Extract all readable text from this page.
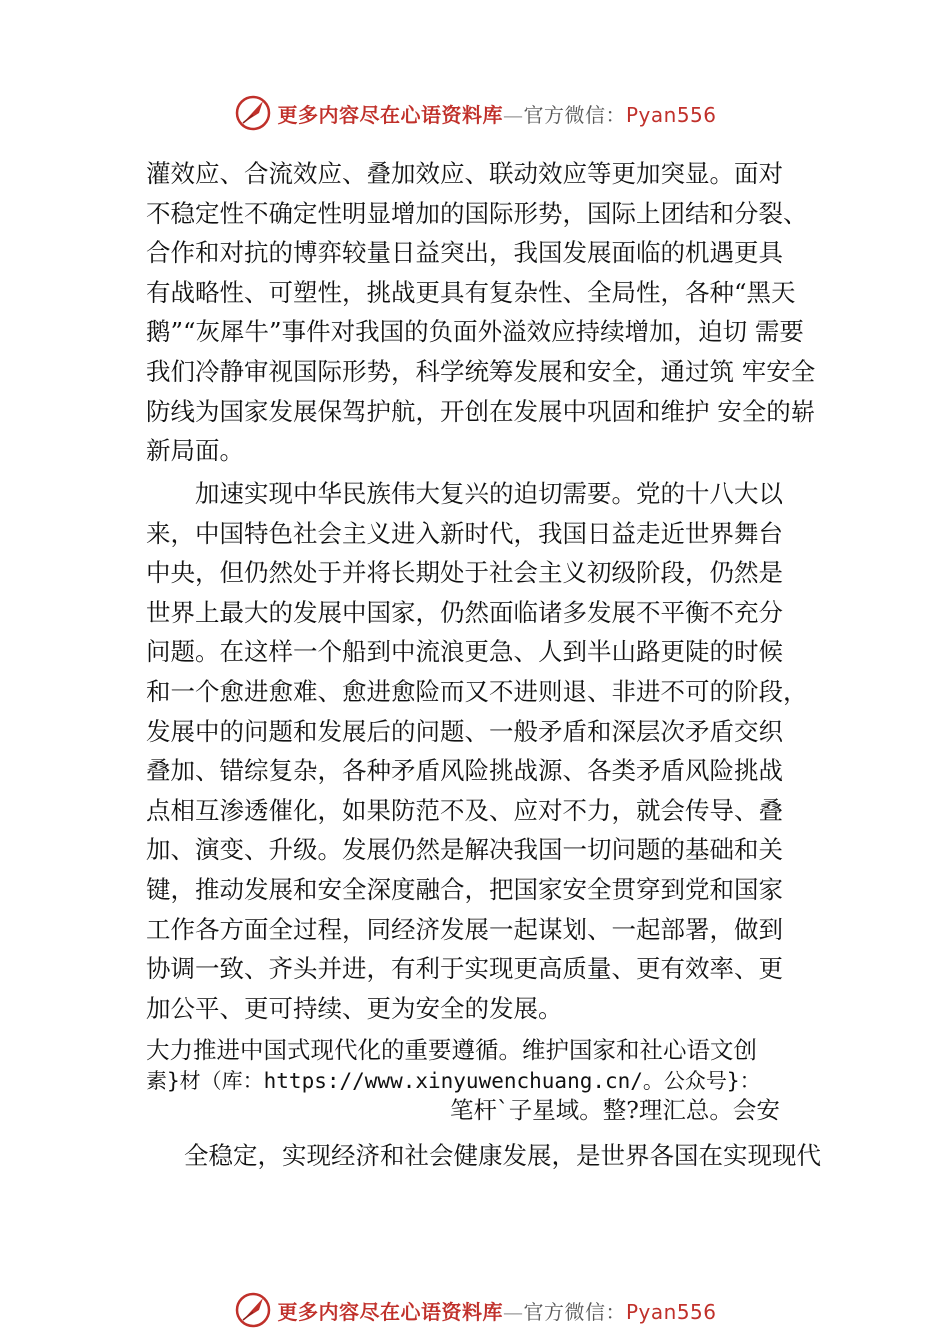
更多内容尽在心语资料库—官方微信：Pyan556
灌效应、合流效应、叠加效应、联动效应等更加突显。面对
不稳定性不确定性明显增加的国际形势，国际上团结和分裂、
合作和对抗的博弈较量日益突出，我国发展面临的机遇更具
有战略性、可塑性，挑战更具有复杂性、全局性，各种“黑天
鹅”“灰犀牛”事件对我国的负面外溢效应持续增加，迫切 需要
我们冷静审视国际形势，科学统筹发展和安全，通过筑 牢安全
防线为国家发展保驾护航，开创在发展中巩固和维护 安全的崭
新局面。
加速实现中华民族伟大复兴的迫切需要。党的十八大以
来，中国特色社会主义进入新时代，我国日益走近世界舞台
中央，但仍然处于并将长期处于社会主义初级阶段，仍然是
世界上最大的发展中国家，仍然面临诸多发展不平衡不充分
问题。在这样一个船到中流浪更急、人到半山路更陡的时候
和一个愈进愈难、愈进愈险而又不进则退、非进不可的阶段，
发展中的问题和发展后的问题、一般矛盾和深层次矛盾交织
叠加、错综复杂，各种矛盾风险挑战源、各类矛盾风险挑战
点相互渗透催化，如果防范不及、应对不力，就会传导、叠
加、演变、升级。发展仍然是解决我国一切问题的基础和关
键，推动发展和安全深度融合，把国家安全贯穿到党和国家
工作各方面全过程，同经济发展一起谋划、一起部署，做到
协调一致、齐头并进，有利于实现更高质量、更有效率、更
加公平、更可持续、更为安全的发展。
大力推进中国式现代化的重要遵循。维护国家和社心语文创
素}材（库：https://www.xinyuwenchuang.cn/。公众号}：
笔杆`子星域。整?理汇总。会安
全稳定，实现经济和社会健康发展，是世界各国在实现现代
更多内容尽在心语资料库—官方微信：Pyan556
